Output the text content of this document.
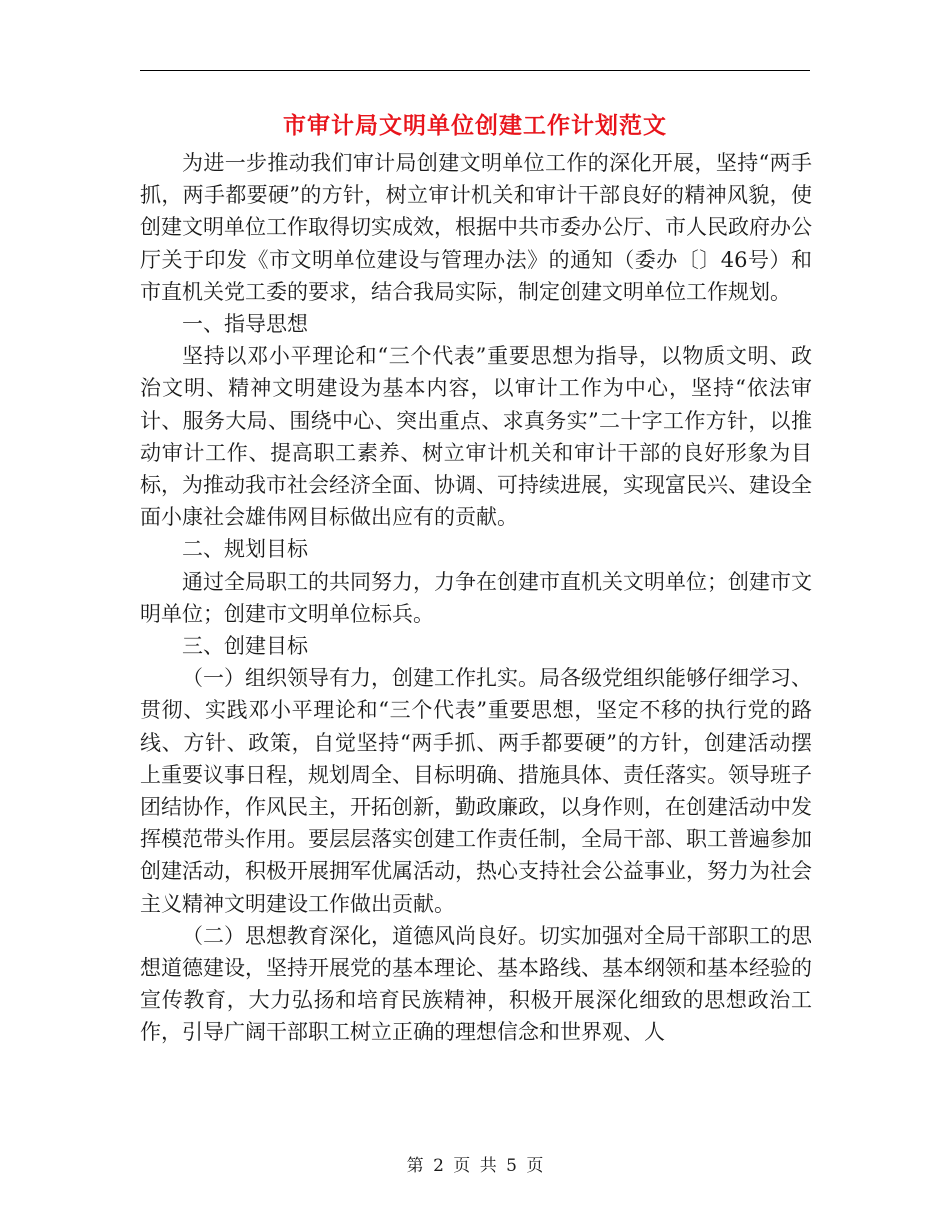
市审计局文明单位创建工作计划范文

为进一步推动我们审计局创建文明单位工作的深化开展，坚持“两手抓，两手都要硬”的方针，树立审计机关和审计干部良好的精神风貌，使创建文明单位工作取得切实成效，根据中共市委办公厅、市人民政府办公厅关于印发《市文明单位建设与管理办法》的通知（委办〔〕46号）和市直机关党工委的要求，结合我局实际，制定创建文明单位工作规划。

一、指导思想

坚持以邓小平理论和“三个代表”重要思想为指导，以物质文明、政治文明、精神文明建设为基本内容，以审计工作为中心，坚持“依法审计、服务大局、围绕中心、突出重点、求真务实”二十字工作方针，以推动审计工作、提高职工素养、树立审计机关和审计干部的良好形象为目标，为推动我市社会经济全面、协调、可持续进展，实现富民兴、建设全面小康社会雄伟网目标做出应有的贡献。

二、规划目标

通过全局职工的共同努力，力争在创建市直机关文明单位；创建市文明单位；创建市文明单位标兵。

三、创建目标

（一）组织领导有力，创建工作扎实。局各级党组织能够仔细学习、贯彻、实践邓小平理论和“三个代表”重要思想，坚定不移的执行党的路线、方针、政策，自觉坚持“两手抓、两手都要硬”的方针，创建活动摆上重要议事日程，规划周全、目标明确、措施具体、责任落实。领导班子团结协作，作风民主，开拓创新，勤政廉政，以身作则，在创建活动中发挥模范带头作用。要层层落实创建工作责任制，全局干部、职工普遍参加创建活动，积极开展拥军优属活动，热心支持社会公益事业，努力为社会主义精神文明建设工作做出贡献。

（二）思想教育深化，道德风尚良好。切实加强对全局干部职工的思想道德建设，坚持开展党的基本理论、基本路线、基本纲领和基本经验的宣传教育，大力弘扬和培育民族精神，积极开展深化细致的思想政治工作，引导广阔干部职工树立正确的理想信念和世界观、人

第 2 页 共 5 页
